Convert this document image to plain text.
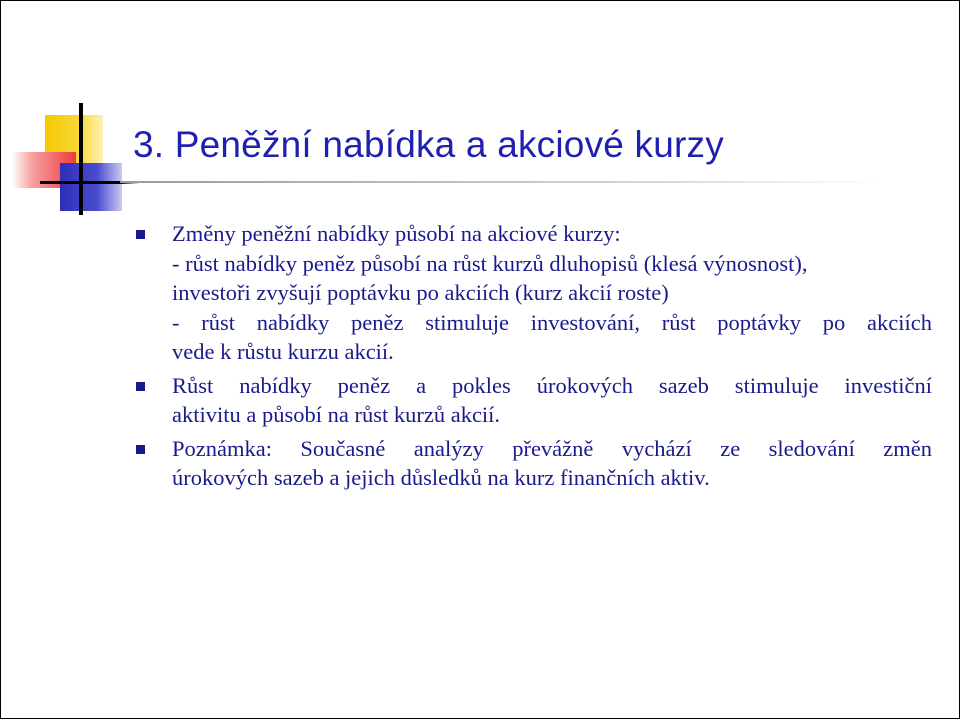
3. Peněžní nabídka a akciové kurzy
Změny peněžní nabídky působí na akciové kurzy:
- růst nabídky peněz působí na růst kurzů dluhopisů (klesá výnosnost),
investoři zvyšují poptávku po akciích (kurz akcií roste)
- růst nabídky peněz stimuluje investování, růst poptávky po akciích
vede k růstu kurzu akcií.
Růst nabídky peněz a pokles úrokových sazeb stimuluje investiční
aktivitu a působí na růst kurzů akcií.
Poznámka: Současné analýzy převážně vychází ze sledování změn
úrokových sazeb a jejich důsledků na kurz finančních aktiv.
